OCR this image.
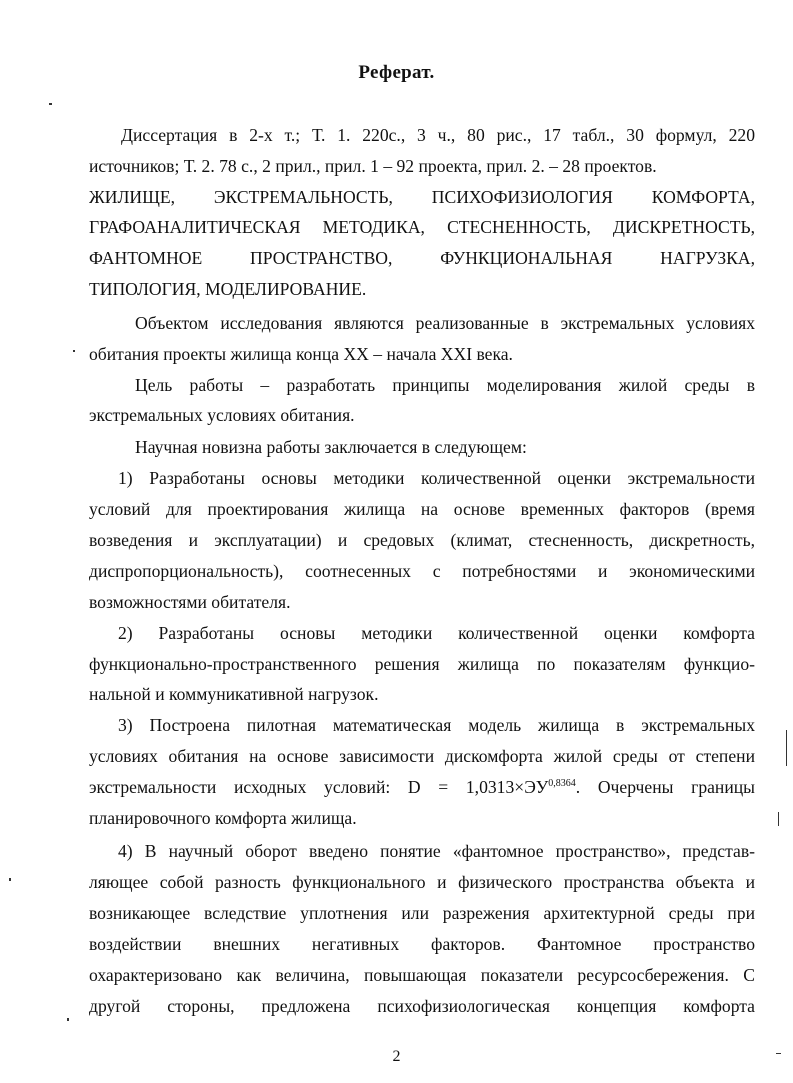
Реферат.
Диссертация в 2-х т.; Т. 1. 220с., 3 ч., 80 рис., 17 табл., 30 формул, 220
источников; Т. 2. 78 с., 2 прил., прил. 1 – 92 проекта, прил. 2. – 28 проектов.
ЖИЛИЩЕ, ЭКСТРЕМАЛЬНОСТЬ, ПСИХОФИЗИОЛОГИЯ КОМФОРТА,
ГРАФОАНАЛИТИЧЕСКАЯ МЕТОДИКА, СТЕСНЕННОСТЬ, ДИСКРЕТНОСТЬ,
ФАНТОМНОЕ ПРОСТРАНСТВО, ФУНКЦИОНАЛЬНАЯ НАГРУЗКА,
ТИПОЛОГИЯ, МОДЕЛИРОВАНИЕ.
Объектом исследования являются реализованные в экстремальных условиях
обитания проекты жилища конца XX – начала XXI века.
Цель работы – разработать принципы моделирования жилой среды в
экстремальных условиях обитания.
Научная новизна работы заключается в следующем:
1) Разработаны основы методики количественной оценки экстремальности
условий для проектирования жилища на основе временных факторов (время
возведения и эксплуатации) и средовых (климат, стесненность, дискретность,
диспропорциональность), соотнесенных с потребностями и экономическими
возможностями обитателя.
2) Разработаны основы методики количественной оценки комфорта
функционально-пространственного решения жилища по показателям функцио-
нальной и коммуникативной нагрузок.
3) Построена пилотная математическая модель жилища в экстремальных
условиях обитания на основе зависимости дискомфорта жилой среды от степени
экстремальности исходных условий: $D = 1,0313\times ЭУ^{0,8364}$. Очерчены границы
планировочного комфорта жилища.
4) В научный оборот введено понятие «фантомное пространство», представ-
ляющее собой разность функционального и физического пространства объекта и
возникающее вследствие уплотнения или разрежения архитектурной среды при
воздействии внешних негативных факторов. Фантомное пространство
охарактеризовано как величина, повышающая показатели ресурсосбережения. С
другой стороны, предложена психофизиологическая концепция комфорта
2
